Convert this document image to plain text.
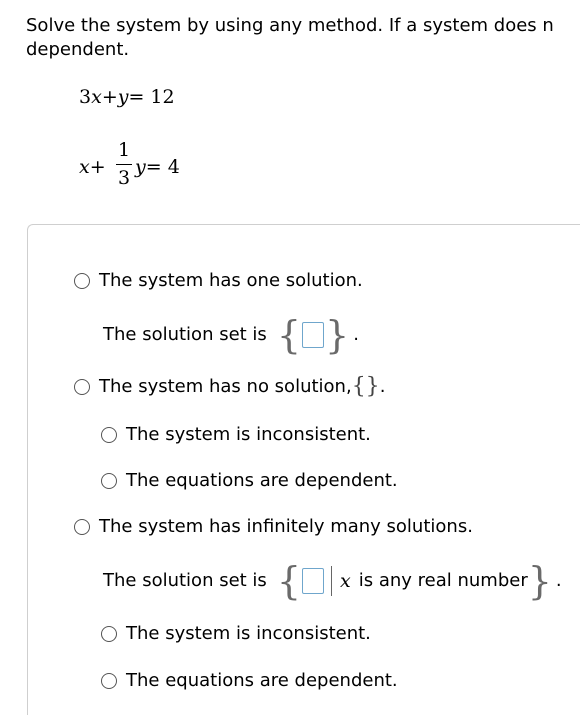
Solve the system by using any method. If a system does n
dependent.
3x+y= 12
x+
1
3 y= 4
The system has one solution.
The solution set is { } .
The system has no solution, {} .
The system is inconsistent.
The equations are dependent.
The system has infinitely many solutions.
The solution set is { x is any real number } .
The system is inconsistent.
The equations are dependent.
